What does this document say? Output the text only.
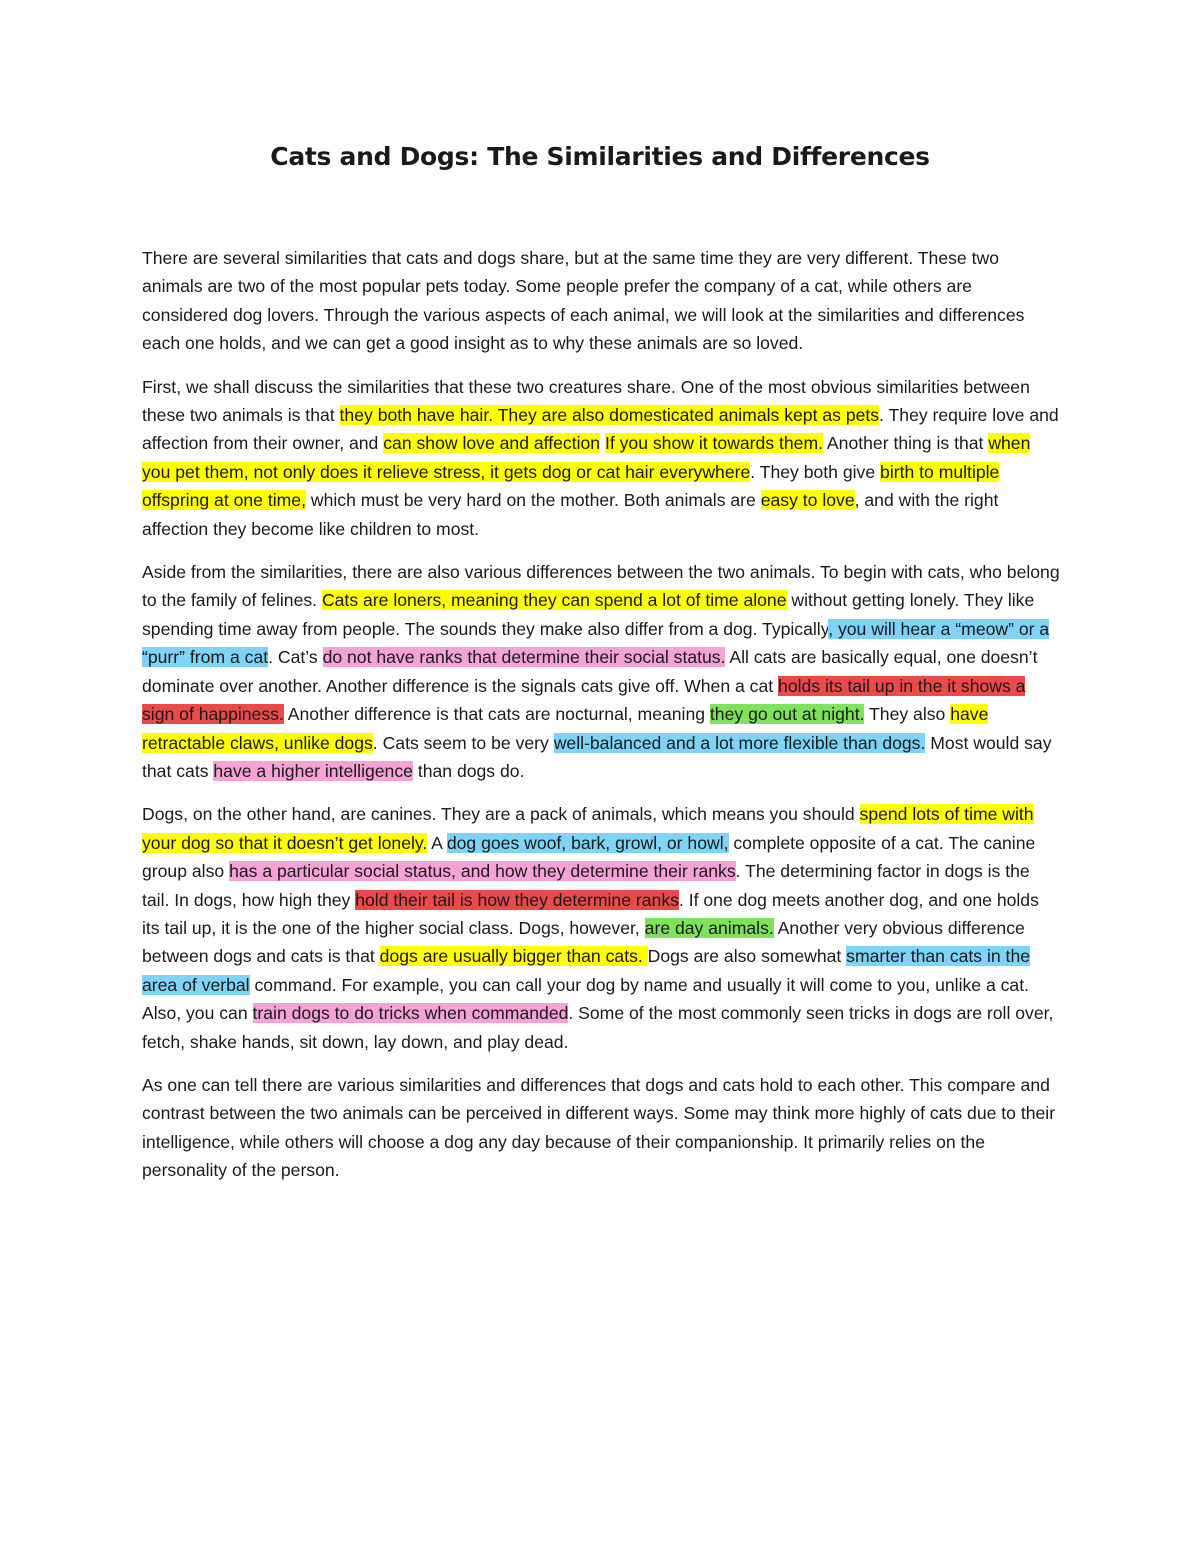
Cats and Dogs: The Similarities and Differences

There are several similarities that cats and dogs share, but at the same time they are very different. These two animals are two of the most popular pets today. Some people prefer the company of a cat, while others are considered dog lovers. Through the various aspects of each animal, we will look at the similarities and differences each one holds, and we can get a good insight as to why these animals are so loved.

First, we shall discuss the similarities that these two creatures share. One of the most obvious similarities between these two animals is that they both have hair. They are also domesticated animals kept as pets. They require love and affection from their owner, and can show love and affection If you show it towards them. Another thing is that when you pet them, not only does it relieve stress, it gets dog or cat hair everywhere. They both give birth to multiple offspring at one time, which must be very hard on the mother. Both animals are easy to love, and with the right affection they become like children to most.

Aside from the similarities, there are also various differences between the two animals. To begin with cats, who belong to the family of felines. Cats are loners, meaning they can spend a lot of time alone without getting lonely. They like spending time away from people. The sounds they make also differ from a dog. Typically, you will hear a “meow” or a “purr” from a cat. Cat’s do not have ranks that determine their social status. All cats are basically equal, one doesn’t dominate over another. Another difference is the signals cats give off. When a cat holds its tail up in the it shows a sign of happiness. Another difference is that cats are nocturnal, meaning they go out at night. They also have retractable claws, unlike dogs. Cats seem to be very well-balanced and a lot more flexible than dogs. Most would say that cats have a higher intelligence than dogs do.

Dogs, on the other hand, are canines. They are a pack of animals, which means you should spend lots of time with your dog so that it doesn’t get lonely. A dog goes woof, bark, growl, or howl, complete opposite of a cat. The canine group also has a particular social status, and how they determine their ranks. The determining factor in dogs is the tail. In dogs, how high they hold their tail is how they determine ranks. If one dog meets another dog, and one holds its tail up, it is the one of the higher social class. Dogs, however, are day animals. Another very obvious difference between dogs and cats is that dogs are usually bigger than cats. Dogs are also somewhat smarter than cats in the area of verbal command. For example, you can call your dog by name and usually it will come to you, unlike a cat. Also, you can train dogs to do tricks when commanded. Some of the most commonly seen tricks in dogs are roll over, fetch, shake hands, sit down, lay down, and play dead.

As one can tell there are various similarities and differences that dogs and cats hold to each other. This compare and contrast between the two animals can be perceived in different ways. Some may think more highly of cats due to their intelligence, while others will choose a dog any day because of their companionship. It primarily relies on the personality of the person.
